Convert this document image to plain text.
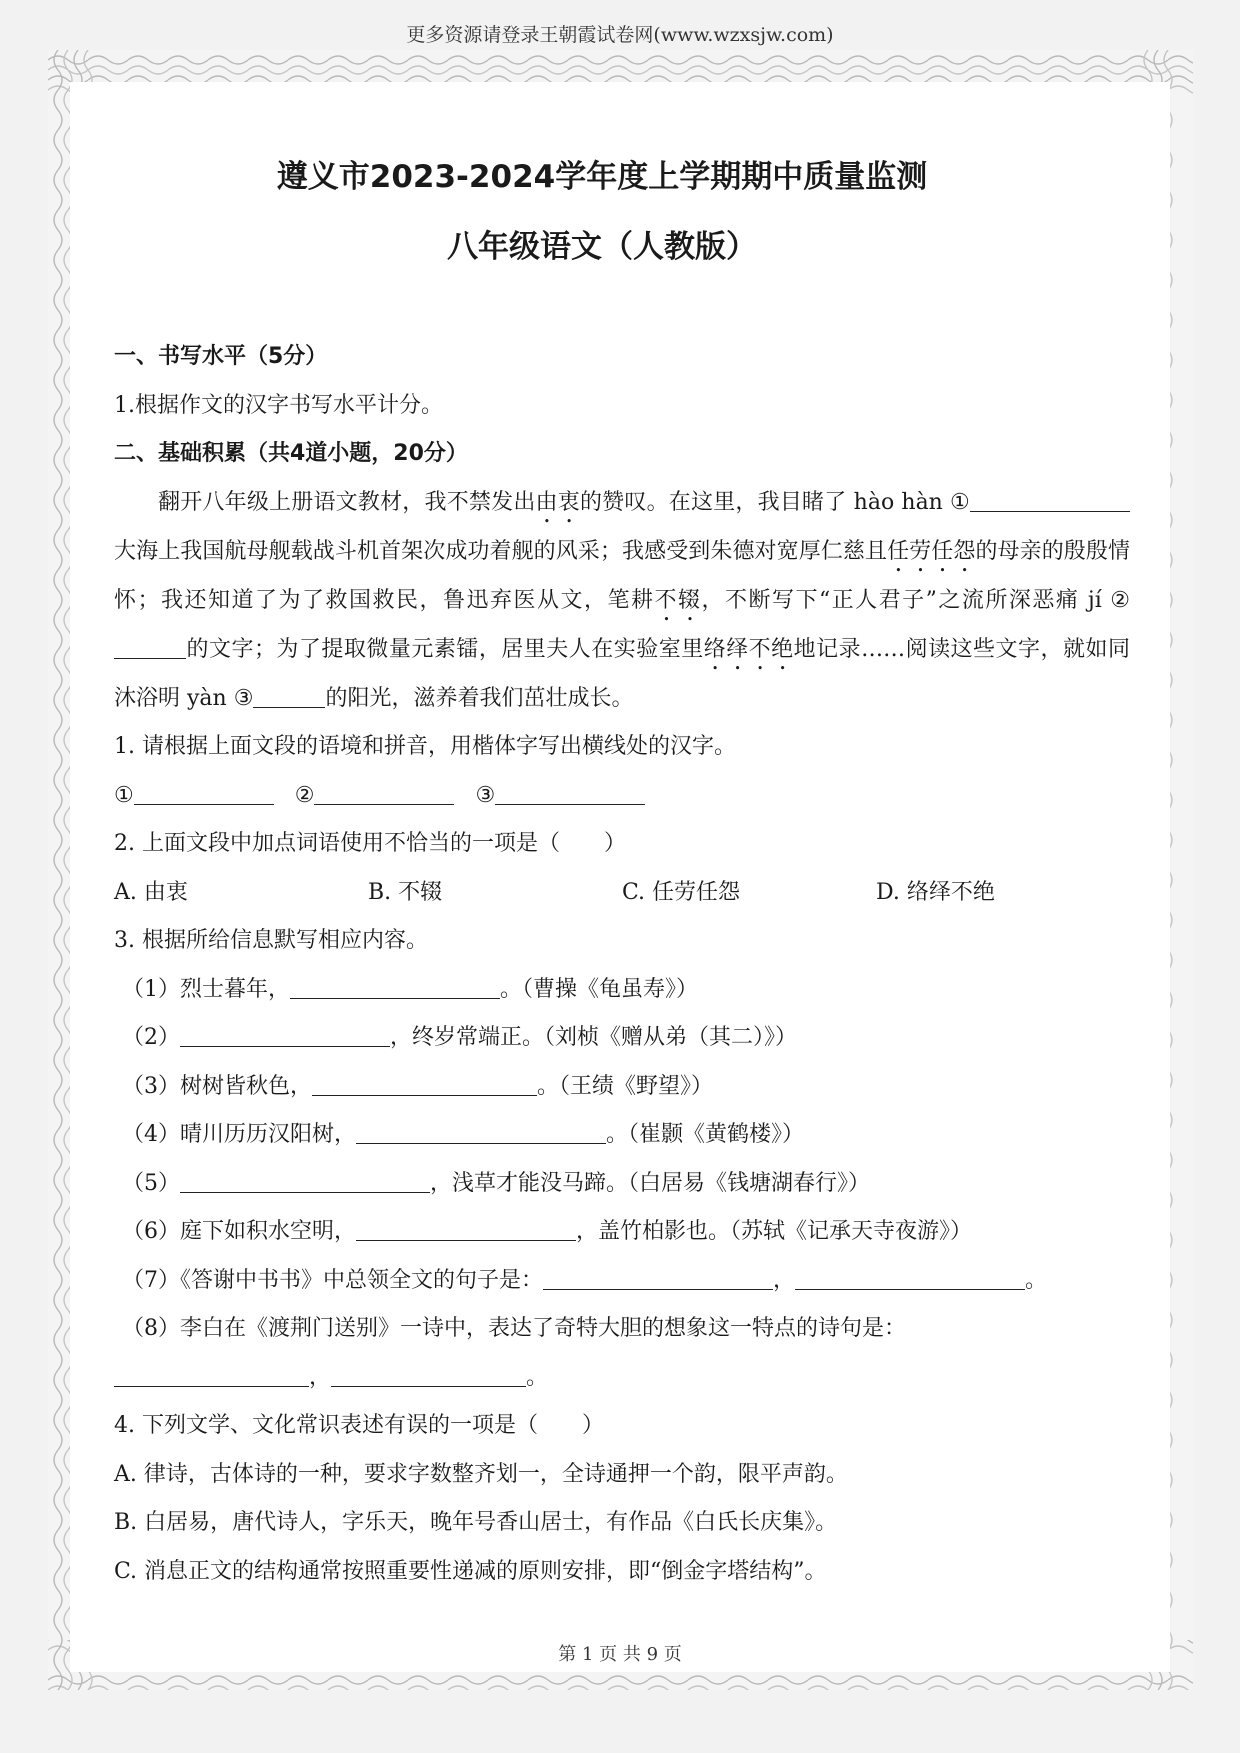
更多资源请登录王朝霞试卷网(www.wzxsjw.com)
遵义市2023-2024学年度上学期期中质量监测
八年级语文（人教版）
一、书写水平（5分）
1.根据作文的汉字书写水平计分。
二、基础积累（共4道小题，20分）
翻开八年级上册语文教材，我不禁发出由衷的赞叹。在这里，我目睹了 hào hàn ① 大海上我国航母舰载战斗机首架次成功着舰的风采；我感受到朱德对宽厚仁慈且任劳任怨的母亲的殷殷情怀；我还知道了为了救国救民，鲁迅弃医从文，笔耕不辍，不断写下“正人君子”之流所深恶痛 jí ②的文字；为了提取微量元素镭，居里夫人在实验室里络绎不绝地记录……阅读这些文字，就如同沐浴明 yàn ③	的阳光，滋养着我们茁壮成长。
1. 请根据上面文段的语境和拼音，用楷体字写出横线处的汉字。
①	②	③
2. 上面文段中加点词语使用不恰当的一项是（　　）
A. 由衷	B. 不辍	C. 任劳任怨	D. 络绎不绝
3. 根据所给信息默写相应内容。
（1）烈士暮年，	。（曹操《龟虽寿》）
（2）	，终岁常端正。（刘桢《赠从弟（其二）》）
（3）树树皆秋色，	。（王绩《野望》）
（4）晴川历历汉阳树，	。（崔颢《黄鹤楼》）
（5）	，浅草才能没马蹄。（白居易《钱塘湖春行》）
（6）庭下如积水空明，	，盖竹柏影也。（苏轼《记承天寺夜游》）
（7）《答谢中书书》中总领全文的句子是：	，	。
（8）李白在《渡荆门送别》一诗中，表达了奇特大胆的想象这一特点的诗句是：
，	。
4. 下列文学、文化常识表述有误的一项是（　　）
A. 律诗，古体诗的一种，要求字数整齐划一，全诗通押一个韵，限平声韵。
B. 白居易，唐代诗人，字乐天，晚年号香山居士，有作品《白氏长庆集》。
C. 消息正文的结构通常按照重要性递减的原则安排，即“倒金字塔结构”。
第 1 页 共 9 页
